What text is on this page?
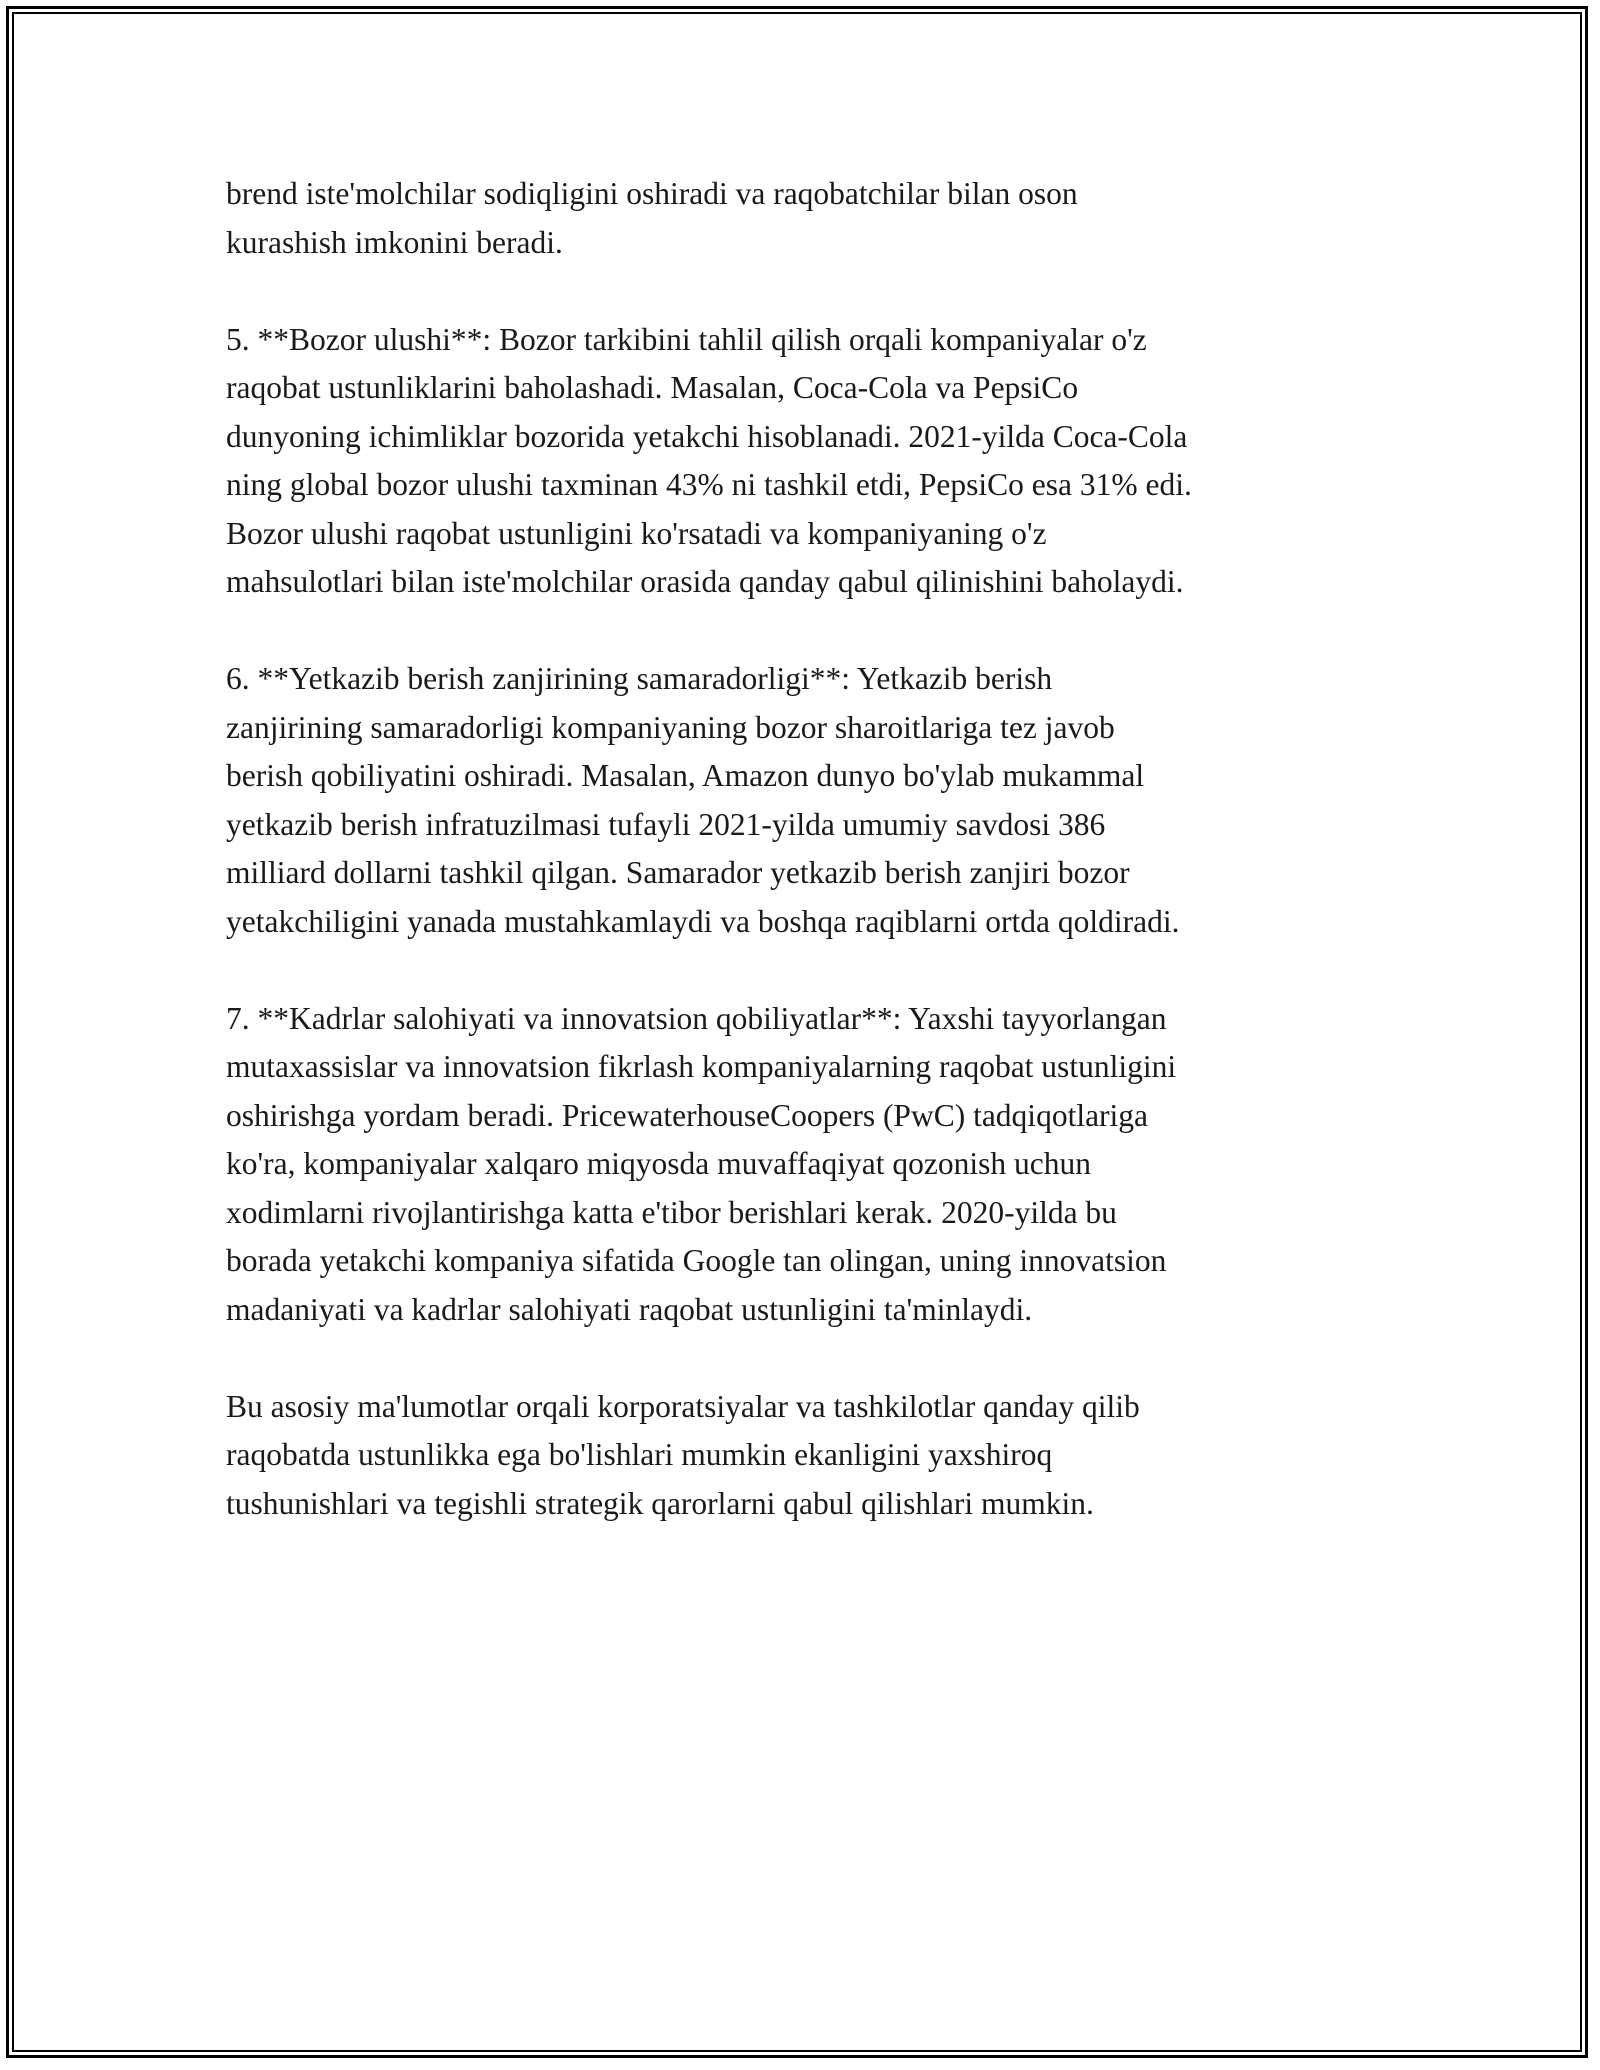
brend iste'molchilar sodiqligini oshiradi va raqobatchilar bilan oson
kurashish imkonini beradi.

5. **Bozor ulushi**: Bozor tarkibini tahlil qilish orqali kompaniyalar o'z
raqobat ustunliklarini baholashadi. Masalan, Coca-Cola va PepsiCo
dunyoning ichimliklar bozorida yetakchi hisoblanadi. 2021-yilda Coca-Cola
ning global bozor ulushi taxminan 43% ni tashkil etdi, PepsiCo esa 31% edi.
Bozor ulushi raqobat ustunligini ko'rsatadi va kompaniyaning o'z
mahsulotlari bilan iste'molchilar orasida qanday qabul qilinishini baholaydi.

6. **Yetkazib berish zanjirining samaradorligi**: Yetkazib berish
zanjirining samaradorligi kompaniyaning bozor sharoitlariga tez javob
berish qobiliyatini oshiradi. Masalan, Amazon dunyo bo'ylab mukammal
yetkazib berish infratuzilmasi tufayli 2021-yilda umumiy savdosi 386
milliard dollarni tashkil qilgan. Samarador yetkazib berish zanjiri bozor
yetakchiligini yanada mustahkamlaydi va boshqa raqiblarni ortda qoldiradi.

7. **Kadrlar salohiyati va innovatsion qobiliyatlar**: Yaxshi tayyorlangan
mutaxassislar va innovatsion fikrlash kompaniyalarning raqobat ustunligini
oshirishga yordam beradi. PricewaterhouseCoopers (PwC) tadqiqotlariga
ko'ra, kompaniyalar xalqaro miqyosda muvaffaqiyat qozonish uchun
xodimlarni rivojlantirishga katta e'tibor berishlari kerak. 2020-yilda bu
borada yetakchi kompaniya sifatida Google tan olingan, uning innovatsion
madaniyati va kadrlar salohiyati raqobat ustunligini ta'minlaydi.

Bu asosiy ma'lumotlar orqali korporatsiyalar va tashkilotlar qanday qilib
raqobatda ustunlikka ega bo'lishlari mumkin ekanligini yaxshiroq
tushunishlari va tegishli strategik qarorlarni qabul qilishlari mumkin.
